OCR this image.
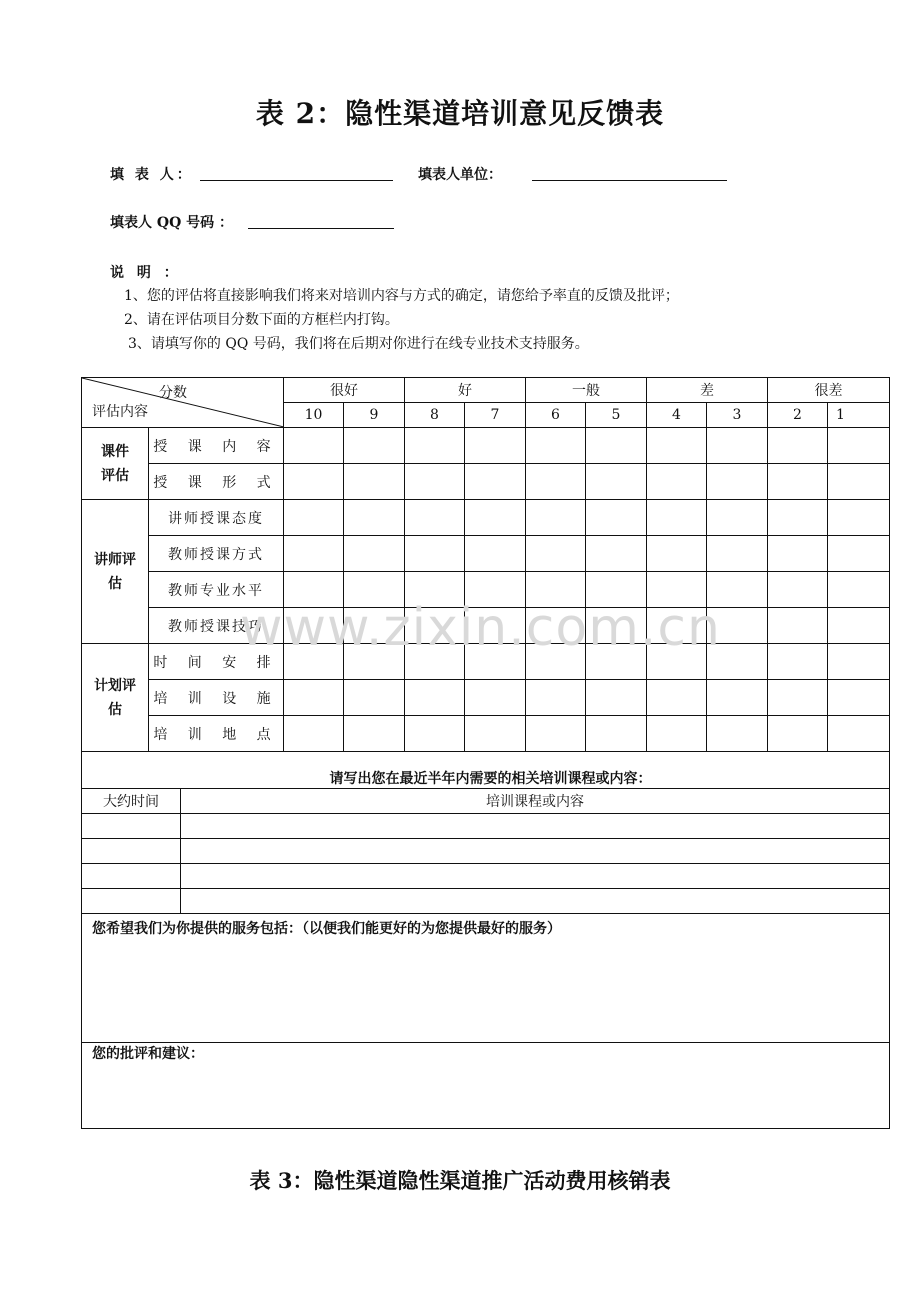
表 2：隐性渠道培训意见反馈表
填 表 人：	填表人单位：
填表人 QQ 号码 ：
说 明 ：
1、您的评估将直接影响我们将来对培训内容与方式的确定，请您给予率直的反馈及批评；
2、请在评估项目分数下面的方框栏内打钩。
3、请填写你的 QQ 号码，我们将在后期对你进行在线专业技术支持服务。
分数
评估内容		很好		好		一般		差		很差	
		10	9	8	7	6	5	4	3	2	1

课件评估	授 课 内 容										
	授 课 形 式										

讲师评估	讲师授课态度										
	教师授课方式										
	教师专业水平										
	教师授课技巧										

计划评估	时 间 安 排										
	培 训 设 施										
	培 训 地 点										
请写出您在最近半年内需要的相关培训课程或内容：											
大约时间	培训课程或内容

您希望我们为你提供的服务包括：（以便我们能更好的为您提供最好的服务）	
您的批评和建议：	
www.zixin.com.cn
表 3：隐性渠道隐性渠道推广活动费用核销表
